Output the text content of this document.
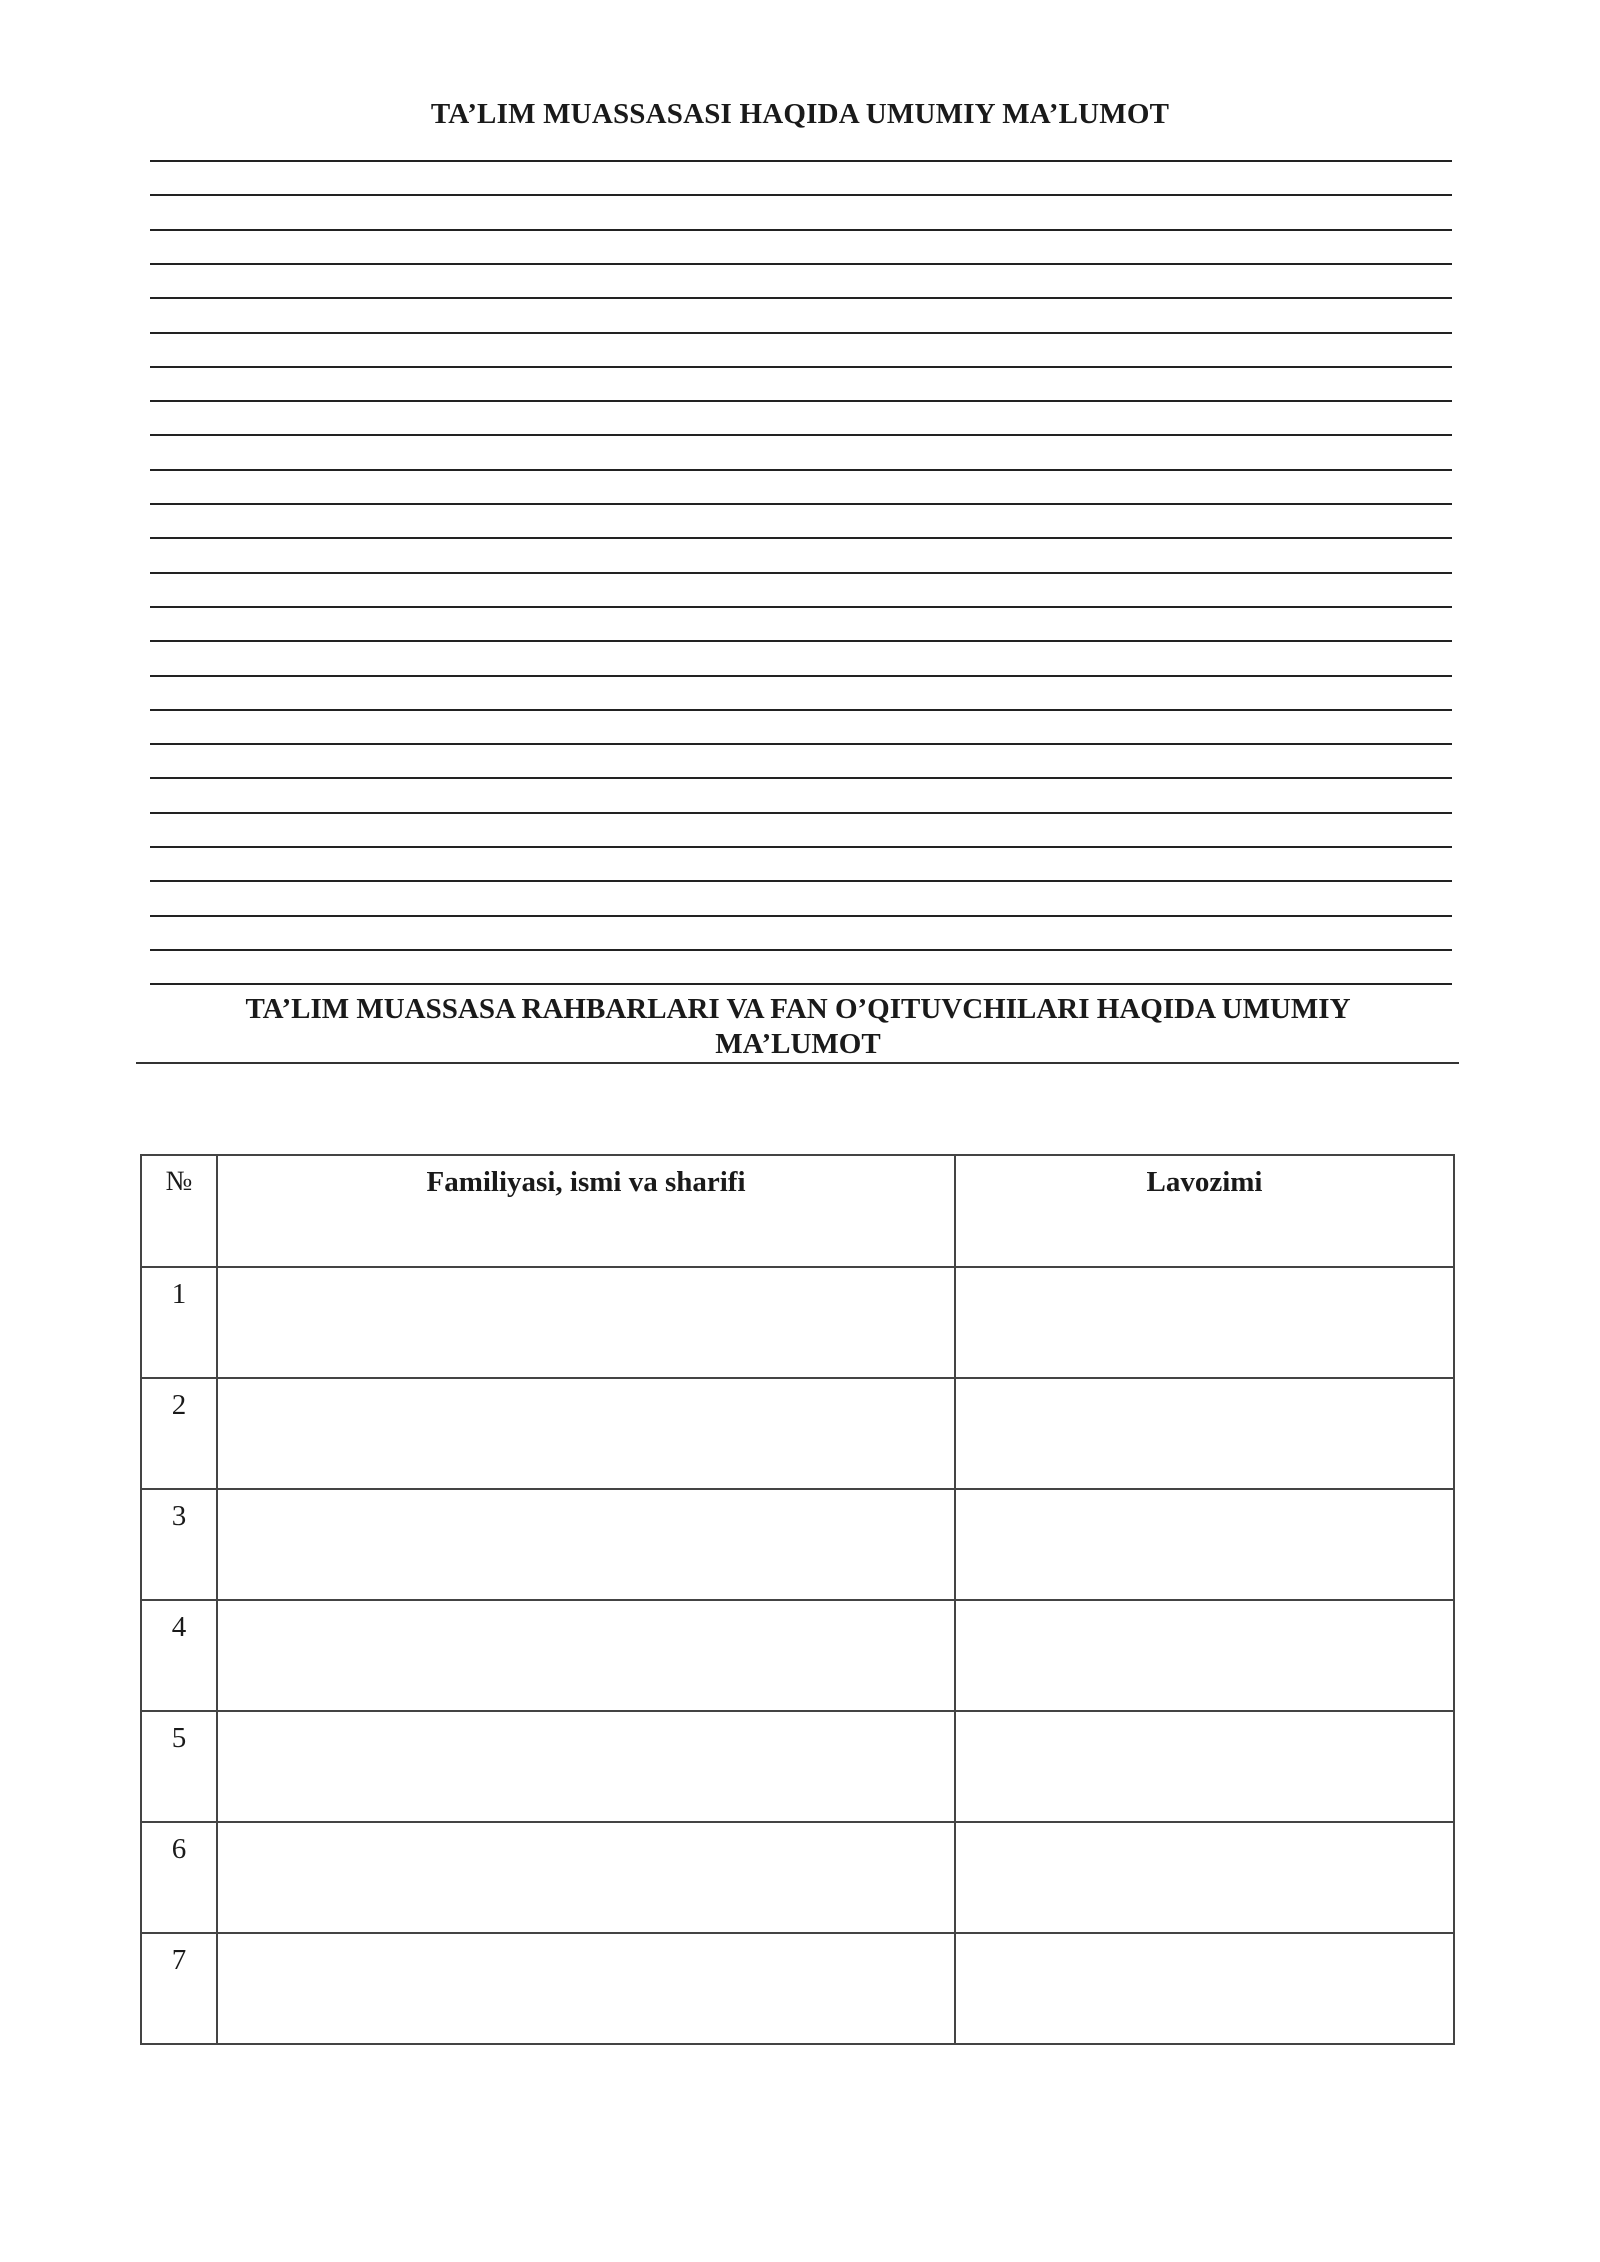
TA’LIM MUASSASASI HAQIDA UMUMIY MA’LUMOT
TA’LIM MUASSASA RAHBARLARI VA FAN O’QITUVCHILARI HAQIDA UMUMIY
MA’LUMOT
№	Familiyasi, ismi va sharifi	Lavozimi
1		
2		
3		
4		
5		
6		
7		
